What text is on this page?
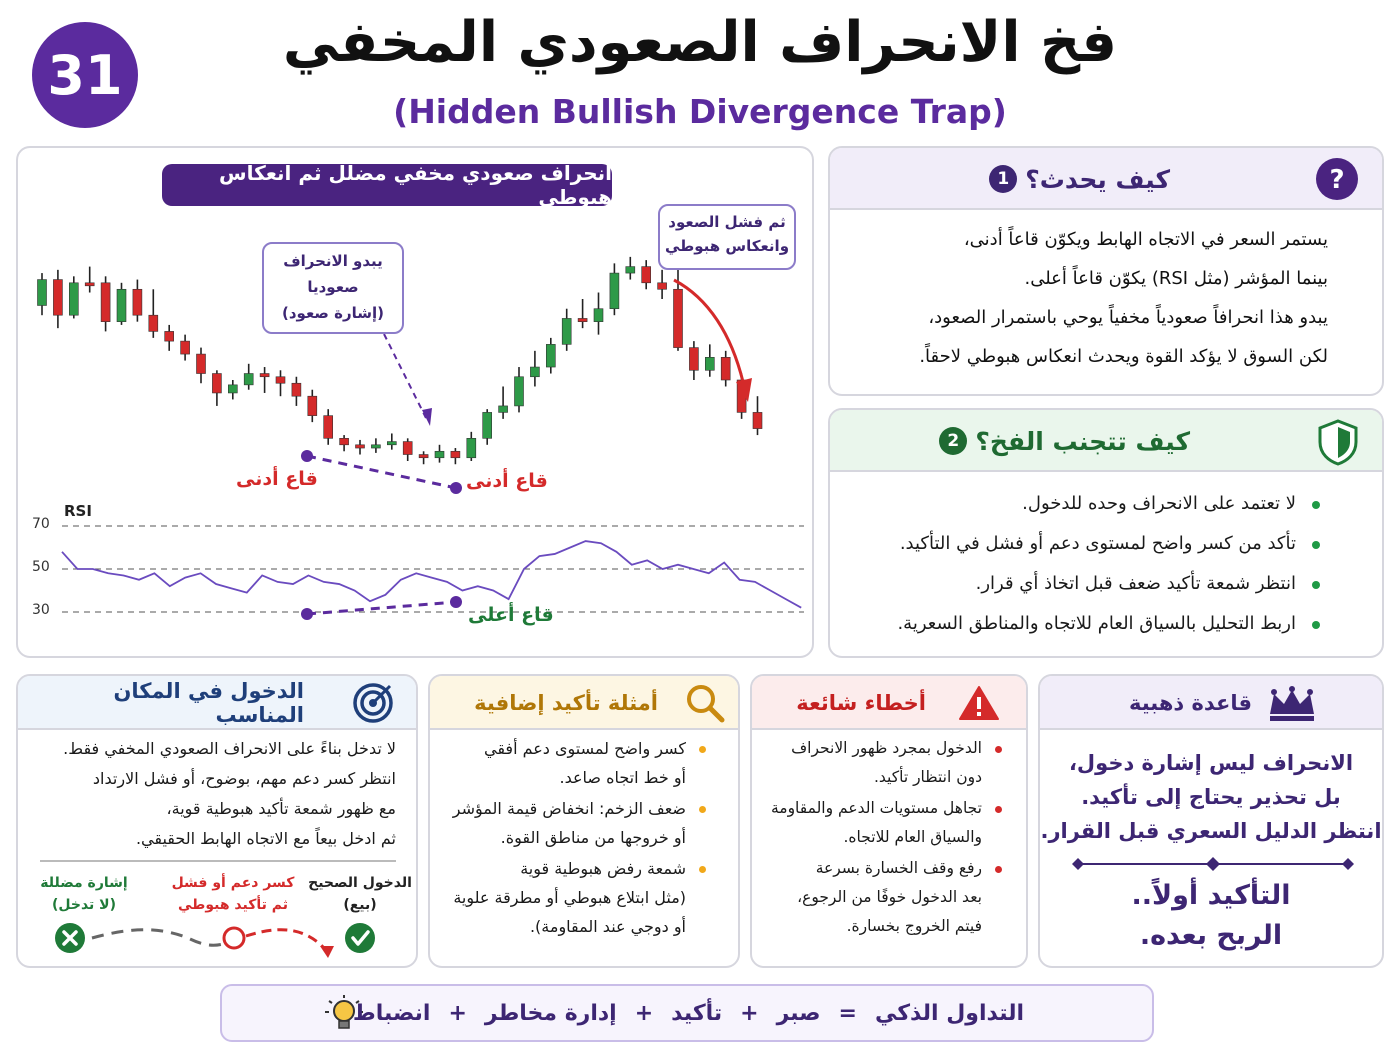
31	فخ الانحراف الصعودي المخفي
(Hidden Bullish Divergence Trap)
انحراف صعودي مخفي مضلل ثم انعكاس هبوطي
يبدو الانحراف
صعوديا
(إشارة صعود)
ثم فشل الصعود
وانعكاس هبوطي
قاع أدنى	قاع أدنى
RSI
70
50
30	قاع أعلى
?
كيف يحدث؟
1
يستمر السعر في الاتجاه الهابط ويكوّن قاعاً أدنى،
بينما المؤشر (مثل RSI) يكوّن قاعاً أعلى.
يبدو هذا انحرافاً صعودياً مخفياً يوحي باستمرار الصعود،
لكن السوق لا يؤكد القوة ويحدث انعكاس هبوطي لاحقاً.
كيف تتجنب الفخ؟
2
لا تعتمد على الانحراف وحده للدخول.
تأكد من كسر واضح لمستوى دعم أو فشل في التأكيد.
انتظر شمعة تأكيد ضعف قبل اتخاذ أي قرار.
اربط التحليل بالسياق العام للاتجاه والمناطق السعرية.
الدخول في المكان المناسب
لا تدخل بناءً على الانحراف الصعودي المخفي فقط.
انتظر كسر دعم مهم، بوضوح، أو فشل الارتداد
مع ظهور شمعة تأكيد هبوطية قوية،
ثم ادخل بيعاً مع الاتجاه الهابط الحقيقي.
إشارة مضللة
(لا تدخل)
كسر دعم أو فشل
ثم تأكيد هبوطي
الدخول الصحيح
(بيع)
أمثلة تأكيد إضافية
كسر واضح لمستوى دعم أفقي
أو خط اتجاه صاعد.
ضعف الزخم: انخفاض قيمة المؤشر
أو خروجها من مناطق القوة.
شمعة رفض هبوطية قوية
(مثل ابتلاع هبوطي أو مطرقة علوية
أو دوجي عند المقاومة).
أخطاء شائعة
الدخول بمجرد ظهور الانحراف
دون انتظار تأكيد.
تجاهل مستويات الدعم والمقاومة
والسياق العام للاتجاه.
رفع وقف الخسارة بسرعة
بعد الدخول خوفًا من الرجوع،
فيتم الخروج بخسارة.
قاعدة ذهبية
الانحراف ليس إشارة دخول،
بل تحذير يحتاج إلى تأكيد.
انتظر الدليل السعري قبل القرار.
التأكيد أولاً..
الربح بعده.
التداول الذكي
=
صبر
+
تأكيد
+
إدارة مخاطر
+
انضباط
